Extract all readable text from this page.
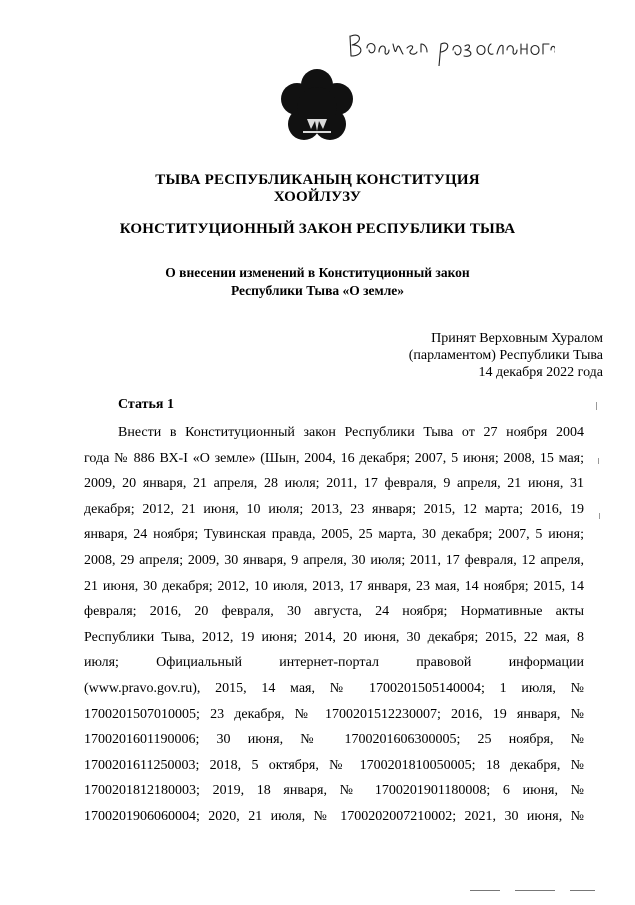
ТЫВА РЕСПУБЛИКАНЫҢ КОНСТИТУЦИЯ
ХООЙЛУЗУ
КОНСТИТУЦИОННЫЙ ЗАКОН РЕСПУБЛИКИ ТЫВА
О внесении изменений в Конституционный закон
Республики Тыва «О земле»
Принят Верховным Хуралом
(парламентом) Республики Тыва
14 декабря 2022 года
Статья 1
Внести в Конституционный закон Республики Тыва от 27 ноября 2004
года № 886 ВХ-I «О земле» (Шын, 2004, 16 декабря; 2007, 5 июня; 2008, 15 мая;
2009, 20 января, 21 апреля, 28 июля; 2011, 17 февраля, 9 апреля, 21 июня, 31
декабря; 2012, 21 июня, 10 июля; 2013, 23 января; 2015, 12 марта; 2016, 19
января, 24 ноября; Тувинская правда, 2005, 25 марта, 30 декабря; 2007, 5 июня;
2008, 29 апреля; 2009, 30 января, 9 апреля, 30 июля; 2011, 17 февраля, 12 апреля,
21 июня, 30 декабря; 2012, 10 июля, 2013, 17 января, 23 мая, 14 ноября; 2015, 14
февраля; 2016, 20 февраля, 30 августа, 24 ноября; Нормативные акты
Республики Тыва, 2012, 19 июня; 2014, 20 июня, 30 декабря; 2015, 22 мая, 8
июля; Официальный интернет-портал правовой информации
(www.pravo.gov.ru), 2015, 14 мая, № 1700201505140004; 1 июля, №
1700201507010005; 23 декабря, № 1700201512230007; 2016, 19 января, №
1700201601190006; 30 июня, № 1700201606300005; 25 ноября, №
1700201611250003; 2018, 5 октября, № 1700201810050005; 18 декабря, №
1700201812180003; 2019, 18 января, № 1700201901180008; 6 июня, №
1700201906060004; 2020, 21 июля, № 1700202007210002; 2021, 30 июня, №
